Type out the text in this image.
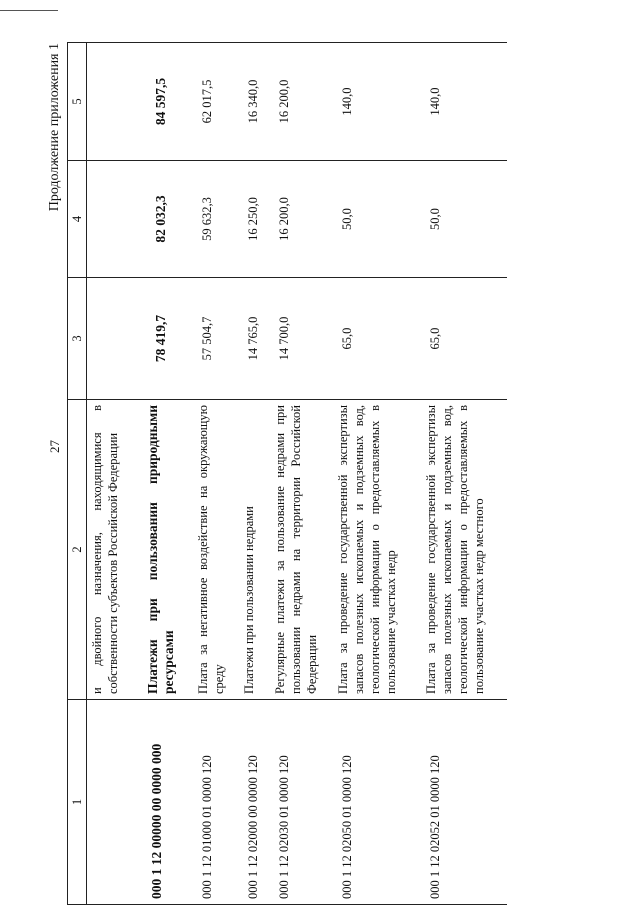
27
Продолжение приложения 1
1	2	3	4	5
	и двойного назначения, находящимися в собственности субъектов Российской Федерации			
000 1 12 00000 00 0000 000	Платежи при пользовании природными ресурсами	78 419,7	82 032,3	84 597,5
000 1 12 01000 01 0000 120	Плата за негативное воздействие на окружающую среду	57 504,7	59 632,3	62 017,5
000 1 12 02000 00 0000 120	Платежи при пользовании недрами	14 765,0	16 250,0	16 340,0
000 1 12 02030 01 0000 120	Регулярные платежи за пользование недрами при пользовании недрами на территории Российской Федерации	14 700,0	16 200,0	16 200,0
000 1 12 02050 01 0000 120	Плата за проведение государственной экспертизы запасов полезных ископаемых и подземных вод, геологической информации о предоставляемых в пользование участках недр	65,0	50,0	140,0
000 1 12 02052 01 0000 120	Плата за проведение государственной экспертизы запасов полезных ископаемых и подземных вод, геологической информации о предоставляемых в пользование участках недр местного	65,0	50,0	140,0
